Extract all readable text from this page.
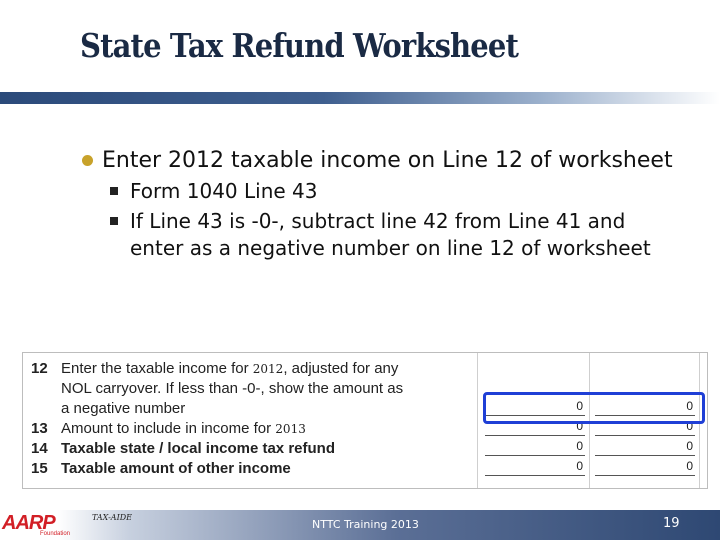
State Tax Refund Worksheet
Enter 2012 taxable income on Line 12 of worksheet
Form 1040 Line 43
If Line 43 is -0-, subtract line 42 from Line 41 and enter as a negative number on line 12 of worksheet
12 Enter the taxable income for 2012, adjusted for any
NOL carryover. If less than -0-, show the amount as
a negative number	0	0
13 Amount to include in income for 2013	0	0
14 Taxable state / local income tax refund	0	0
15 Taxable amount of other income	0	0
AARP
Foundation
TAX-AIDE
NTTC Training 2013	19
